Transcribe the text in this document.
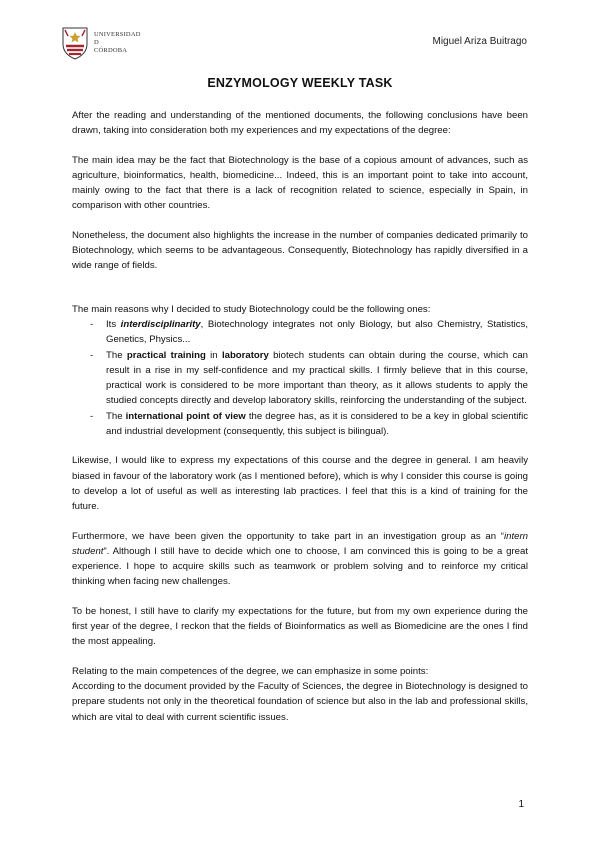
UNIVERSIDAD
D
CÓRDOBA
Miguel Ariza Buitrago
ENZYMOLOGY WEEKLY TASK

After the reading and understanding of the mentioned documents, the following conclusions have been drawn, taking into consideration both my experiences and my expectations of the degree:

The main idea may be the fact that Biotechnology is the base of a copious amount of advances, such as agriculture, bioinformatics, health, biomedicine... Indeed, this is an important point to take into account, mainly owing to the fact that there is a lack of recognition related to science, especially in Spain, in comparison with other countries.

Nonetheless, the document also highlights the increase in the number of companies dedicated primarily to Biotechnology, which seems to be advantageous. Consequently, Biotechnology has rapidly diversified in a wide range of fields.

The main reasons why I decided to study Biotechnology could be the following ones:

- Its interdisciplinarity, Biotechnology integrates not only Biology, but also Chemistry, Statistics, Genetics, Physics...
- The practical training in laboratory biotech students can obtain during the course, which can result in a rise in my self-confidence and my practical skills. I firmly believe that in this course, practical work is considered to be more important than theory, as it allows students to apply the studied concepts directly and develop laboratory skills, reinforcing the understanding of the subject.
- The international point of view the degree has, as it is considered to be a key in global scientific and industrial development (consequently, this subject is bilingual).

Likewise, I would like to express my expectations of this course and the degree in general. I am heavily biased in favour of the laboratory work (as I mentioned before), which is why I consider this course is going to develop a lot of useful as well as interesting lab practices. I feel that this is a kind of training for the future.

Furthermore, we have been given the opportunity to take part in an investigation group as an “intern student”. Although I still have to decide which one to choose, I am convinced this is going to be a great experience. I hope to acquire skills such as teamwork or problem solving and to reinforce my critical thinking when facing new challenges.

To be honest, I still have to clarify my expectations for the future, but from my own experience during the first year of the degree, I reckon that the fields of Bioinformatics as well as Biomedicine are the ones I find the most appealing.

Relating to the main competences of the degree, we can emphasize in some points:

According to the document provided by the Faculty of Sciences, the degree in Biotechnology is designed to prepare students not only in the theoretical foundation of science but also in the lab and professional skills, which are vital to deal with current scientific issues.

1
